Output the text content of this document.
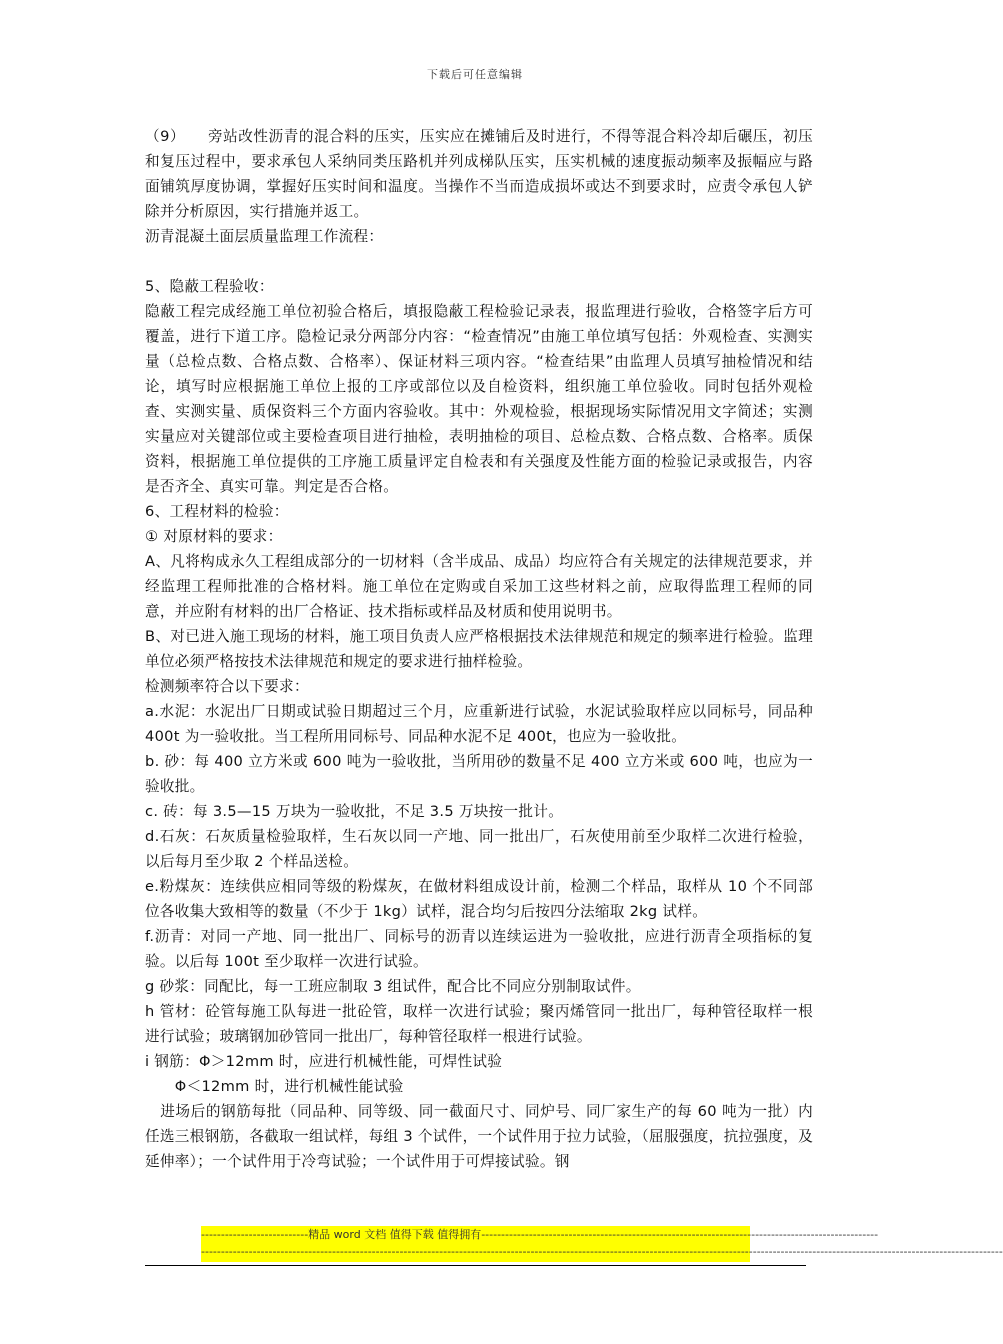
下载后可任意编辑

（9）　　旁站改性沥青的混合料的压实，压实应在摊铺后及时进行，不得等混合料冷却后碾压，初压和复压过程中，要求承包人采纳同类压路机并列成梯队压实，压实机械的速度振动频率及振幅应与路面铺筑厚度协调，掌握好压实时间和温度。当操作不当而造成损坏或达不到要求时，应责令承包人铲除并分析原因，实行措施并返工。

沥青混凝土面层质量监理工作流程：

5、隐蔽工程验收：

隐蔽工程完成经施工单位初验合格后，填报隐蔽工程检验记录表，报监理进行验收，合格签字后方可覆盖，进行下道工序。隐检记录分两部分内容：“检查情况”由施工单位填写包括：外观检查、实测实量（总检点数、合格点数、合格率）、保证材料三项内容。“检查结果”由监理人员填写抽检情况和结论，填写时应根据施工单位上报的工序或部位以及自检资料，组织施工单位验收。同时包括外观检查、实测实量、质保资料三个方面内容验收。其中：外观检验，根据现场实际情况用文字简述；实测实量应对关键部位或主要检查项目进行抽检，表明抽检的项目、总检点数、合格点数、合格率。质保资料，根据施工单位提供的工序施工质量评定自检表和有关强度及性能方面的检验记录或报告，内容是否齐全、真实可靠。判定是否合格。

6、工程材料的检验：

① 对原材料的要求：

A、凡将构成永久工程组成部分的一切材料（含半成品、成品）均应符合有关规定的法律规范要求，并经监理工程师批准的合格材料。施工单位在定购或自采加工这些材料之前，应取得监理工程师的同意，并应附有材料的出厂合格证、技术指标或样品及材质和使用说明书。

B、对已进入施工现场的材料，施工项目负责人应严格根据技术法律规范和规定的频率进行检验。监理单位必须严格按技术法律规范和规定的要求进行抽样检验。

检测频率符合以下要求：

a.水泥：水泥出厂日期或试验日期超过三个月，应重新进行试验，水泥试验取样应以同标号，同品种 400t 为一验收批。当工程所用同标号、同品种水泥不足 400t，也应为一验收批。

b. 砂：每 400 立方米或 600 吨为一验收批，当所用砂的数量不足 400 立方米或 600 吨，也应为一验收批。

c. 砖：每 3.5—15 万块为一验收批，不足 3.5 万块按一批计。

d.石灰：石灰质量检验取样，生石灰以同一产地、同一批出厂，石灰使用前至少取样二次进行检验，以后每月至少取 2 个样品送检。

e.粉煤灰：连续供应相同等级的粉煤灰，在做材料组成设计前，检测二个样品，取样从 10 个不同部位各收集大致相等的数量（不少于 1kg）试样，混合均匀后按四分法缩取 2kg 试样。

f.沥青：对同一产地、同一批出厂、同标号的沥青以连续运进为一验收批，应进行沥青全项指标的复验。以后每 100t 至少取样一次进行试验。

g 砂浆：同配比，每一工班应制取 3 组试件，配合比不同应分别制取试件。

h 管材：砼管每施工队每进一批砼管，取样一次进行试验；聚丙烯管同一批出厂，每种管径取样一根进行试验；玻璃钢加砂管同一批出厂，每种管径取样一根进行试验。

i 钢筋：Φ＞12mm 时，应进行机械性能，可焊性试验

　　Φ＜12mm 时，进行机械性能试验

　进场后的钢筋每批（同品种、同等级、同一截面尺寸、同炉号、同厂家生产的每 60 吨为一批）内任选三根钢筋，各截取一组试样，每组 3 个试件，一个试件用于拉力试验，（屈服强度，抗拉强度，及延伸率）；一个试件用于冷弯试验；一个试件用于可焊接试验。钢

---------------------------精品 word 文档 值得下载 值得拥有----------------------------------------------------------------------------------------------------
----------------------------------------------------------------------------------------------------------------------------------------------------------------------------------------------------------
